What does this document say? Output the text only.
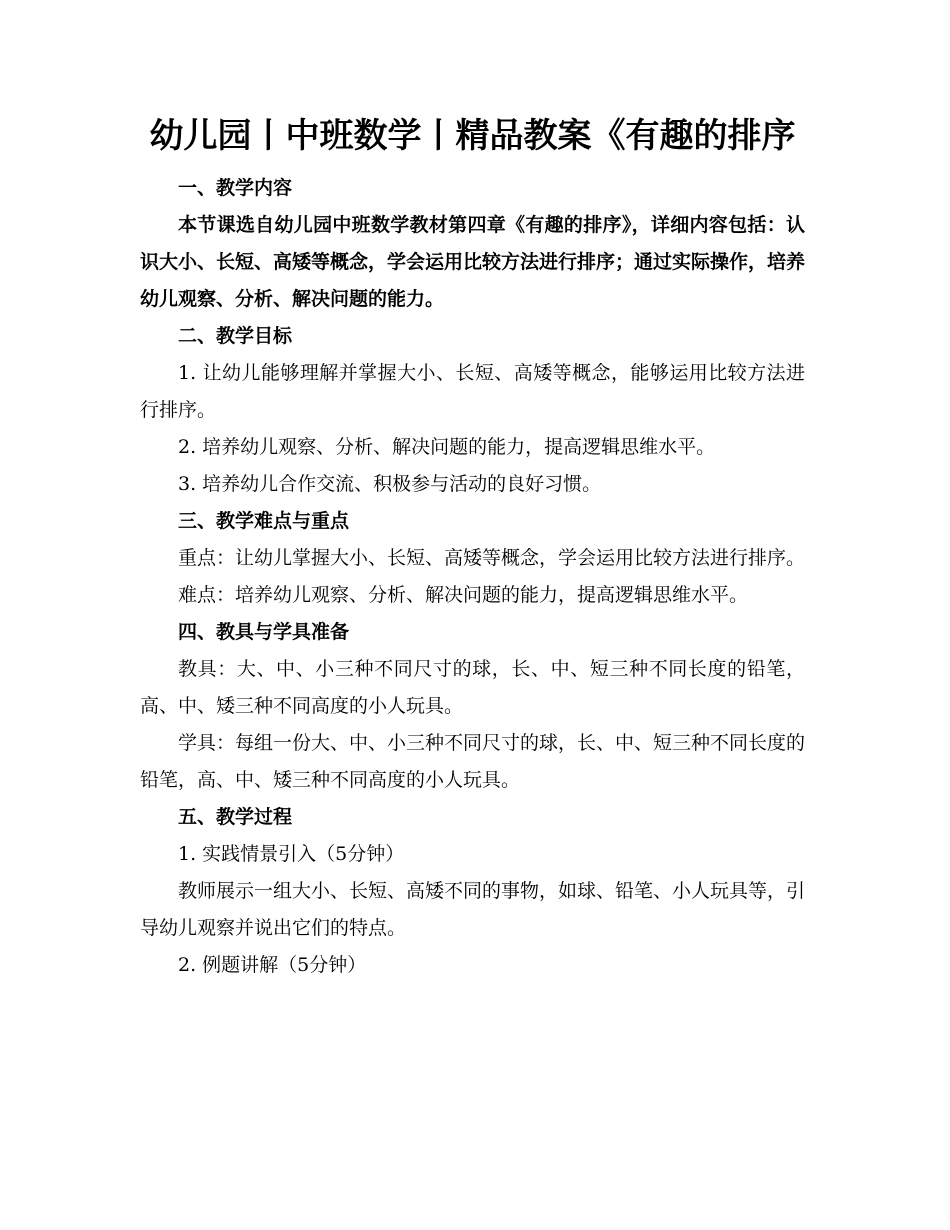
幼儿园丨中班数学丨精品教案《有趣的排序

一、教学内容

本节课选自幼儿园中班数学教材第四章《有趣的排序》，详细内容包括：认识大小、长短、高矮等概念，学会运用比较方法进行排序；通过实际操作，培养幼儿观察、分析、解决问题的能力。

二、教学目标

1. 让幼儿能够理解并掌握大小、长短、高矮等概念，能够运用比较方法进行排序。

2. 培养幼儿观察、分析、解决问题的能力，提高逻辑思维水平。

3. 培养幼儿合作交流、积极参与活动的良好习惯。

三、教学难点与重点

重点：让幼儿掌握大小、长短、高矮等概念，学会运用比较方法进行排序。

难点：培养幼儿观察、分析、解决问题的能力，提高逻辑思维水平。

四、教具与学具准备

教具：大、中、小三种不同尺寸的球，长、中、短三种不同长度的铅笔，高、中、矮三种不同高度的小人玩具。

学具：每组一份大、中、小三种不同尺寸的球，长、中、短三种不同长度的铅笔，高、中、矮三种不同高度的小人玩具。

五、教学过程

1. 实践情景引入（5分钟）

教师展示一组大小、长短、高矮不同的事物，如球、铅笔、小人玩具等，引导幼儿观察并说出它们的特点。

2. 例题讲解（5分钟）
